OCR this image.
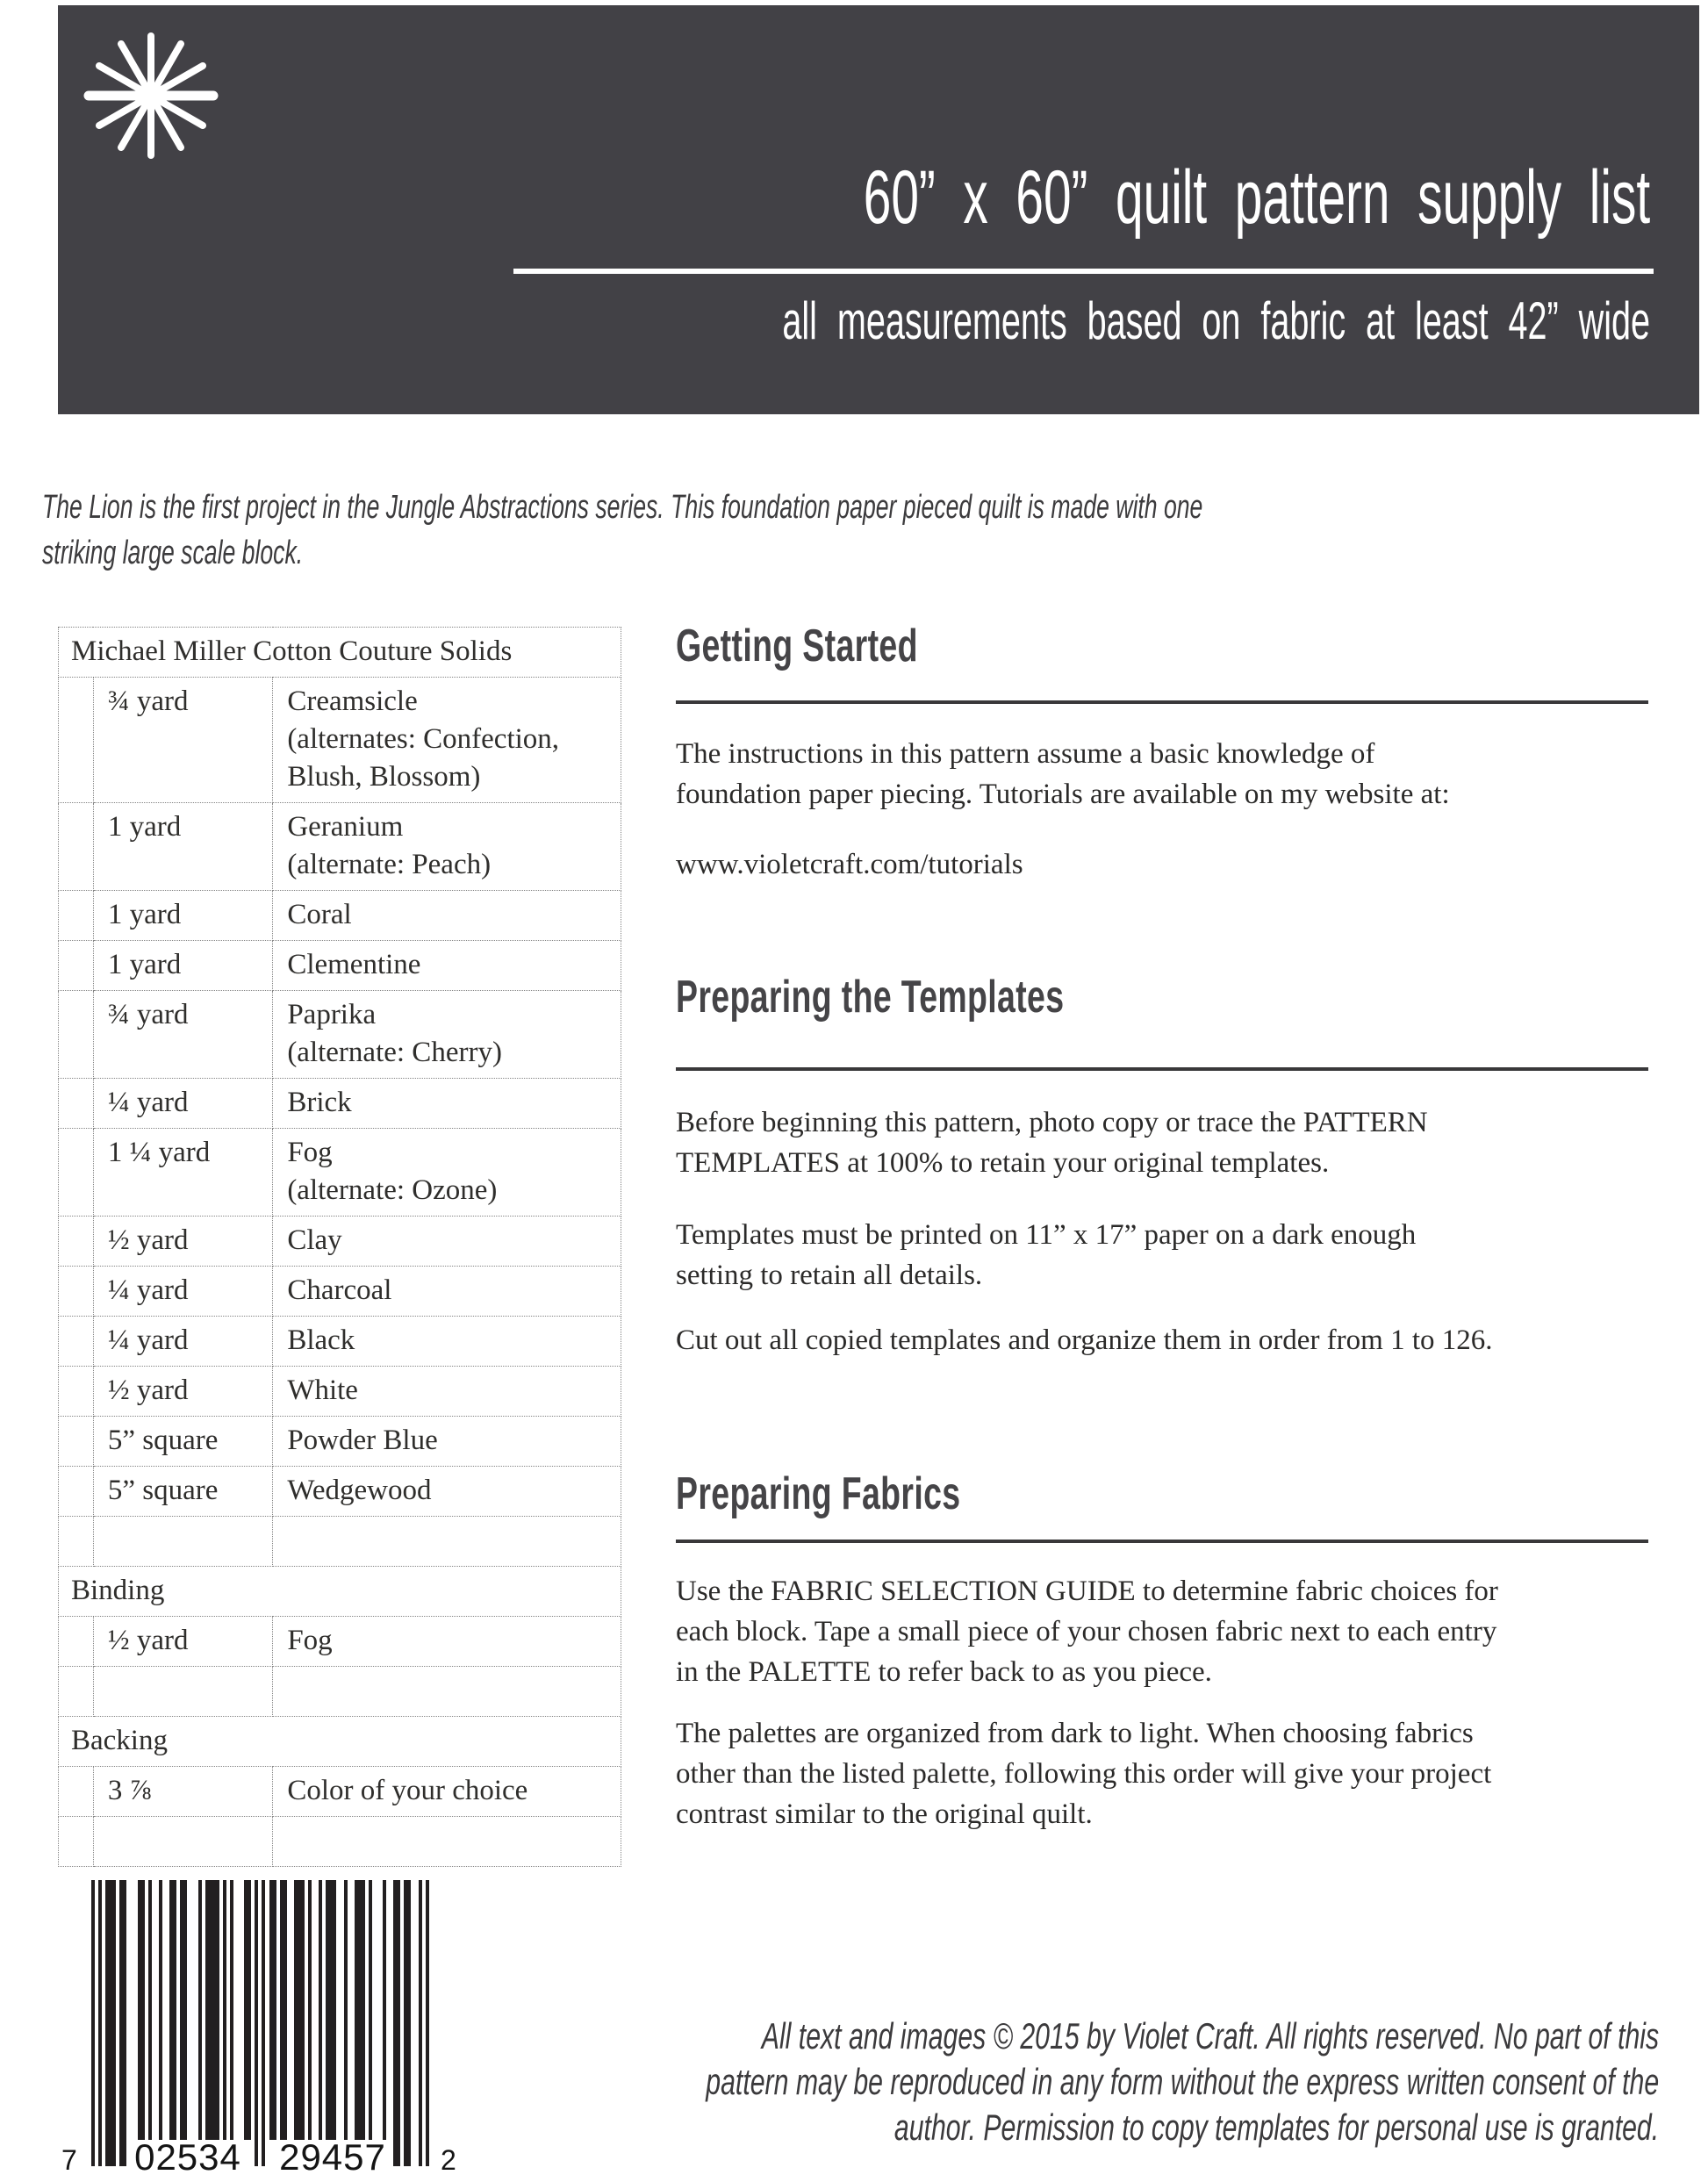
60” x 60” quilt pattern supply list
all measurements based on fabric at least 42” wide
The Lion is the first project in the Jungle Abstractions series. This foundation paper pieced quilt is made with one
striking large scale block.
Michael Miller Cotton Couture Solids		
	¾ yard	Creamsicle
(alternates: Confection,
Blush, Blossom)

	1 yard	Geranium
(alternate: Peach)

	1 yard	Coral

	1 yard	Clementine

	¾ yard	Paprika
(alternate: Cherry)

	¼ yard	Brick

	1 ¼ yard	Fog
(alternate: Ozone)

	½ yard	Clay

	¼ yard	Charcoal

	¼ yard	Black

	½ yard	White

	5” square	Powder Blue

	5” square	Wedgewood

Binding		
	½ yard	Fog

Backing		
	3 ⅞	Color of your choice

Getting Started
The instructions in this pattern assume a basic knowledge of
foundation paper piecing. Tutorials are available on my website at:
www.violetcraft.com/tutorials
Preparing the Templates
Before beginning this pattern, photo copy or trace the PATTERN
TEMPLATES at 100% to retain your original templates.
Templates must be printed on 11” x 17” paper on a dark enough
setting to retain all details.
Cut out all copied templates and organize them in order from 1 to 126.
Preparing Fabrics
Use the FABRIC SELECTION GUIDE to determine fabric choices for
each block. Tape a small piece of your chosen fabric next to each entry
in the PALETTE to refer back to as you piece.
The palettes are organized from dark to light. When choosing fabrics
other than the listed palette, following this order will give your project
contrast similar to the original quilt.
7 02534 29457 2
All text and images © 2015 by Violet Craft. All rights reserved. No part of this
pattern may be reproduced in any form without the express written consent of the
author. Permission to copy templates for personal use is granted.
